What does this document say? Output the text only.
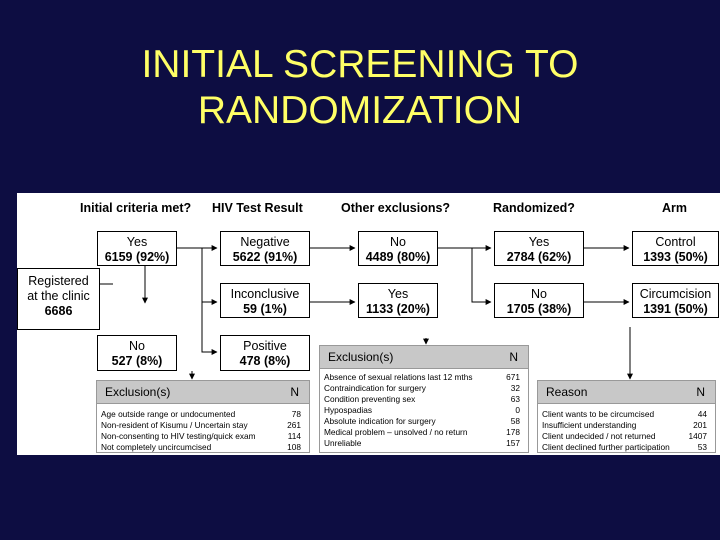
INITIAL SCREENING TO
RANDOMIZATION
Initial criteria met? HIV Test Result	Other exclusions?	Randomized?	Arm
Registered
at the clinic

6686
Yes
6159 (92%)
No
527 (8%)
Negative
5622 (91%)
Inconclusive
59 (1%)
Positive
478 (8%)
No
4489 (80%)
Yes
1133 (20%)
Yes
2784 (62%)
No
1705 (38%)
Control
1393 (50%)
Circumcision
1391 (50%)
Exclusion(s)	N
Age outside range or undocumented	78
Non-resident of Kisumu / Uncertain stay	261
Non-consenting to HIV testing/quick exam	114
Not completely uncircumcised	108
Exclusion(s)	N
Absence of sexual relations last 12 mths	671
Contraindication for surgery	32
Condition preventing sex	63
Hypospadias	0
Absolute indication for surgery	58
Medical problem – unsolved / no return	178
Unreliable	157
Reason	N
Client wants to be circumcised	44
Insufficient understanding	201
Client undecided / not returned	1407
Client declined further participation	53
